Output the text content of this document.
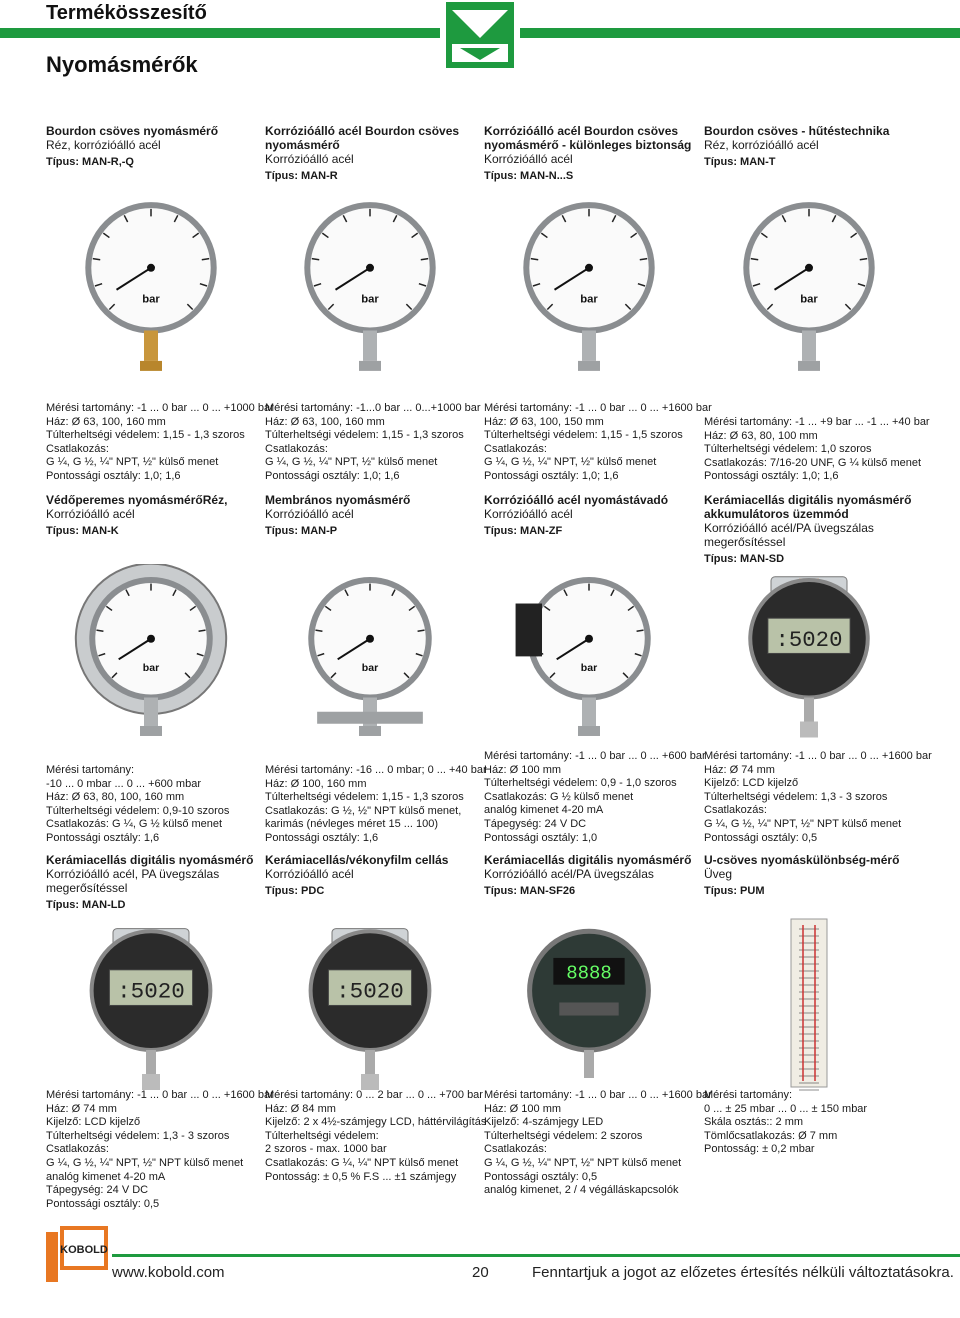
Termékösszesítő
Nyomásmérők
Bourdon csöves nyomásmérő
Réz, korrózióálló acél
Típus: MAN-R,-Q
bar
Mérési tartomány: -1 ... 0 bar ... 0 ... +1000 bar
Ház: Ø 63, 100, 160 mm
Túlterheltségi védelem: 1,15 - 1,3 szoros
Csatlakozás:
G ¼, G ½, ¼" NPT, ½" külső menet
Pontossági osztály: 1,0; 1,6
Korrózióálló acél Bourdon csöves
nyomásmérő
Korrózióálló acél
Típus: MAN-R
bar
Mérési tartomány: -1...0 bar ... 0...+1000 bar
Ház: Ø 63, 100, 160 mm
Túlterheltségi védelem: 1,15 - 1,3 szoros
Csatlakozás:
G ¼, G ½, ¼" NPT, ½" külső menet
Pontossági osztály: 1,0; 1,6
Korrózióálló acél Bourdon csöves
nyomásmérő - különleges biztonság
Korrózióálló acél
Típus: MAN-N...S
bar
Mérési tartomány: -1 ... 0 bar ... 0 ... +1600 bar
Ház: Ø 63, 100, 150 mm
Túlterheltségi védelem: 1,15 - 1,5 szoros
Csatlakozás:
G ¼, G ½, ¼" NPT, ½" külső menet
Pontossági osztály: 1,0; 1,6
Bourdon csöves - hűtéstechnika
Réz, korrózióálló acél
Típus: MAN-T
bar
Mérési tartomány: -1 ... +9 bar ... -1 ... +40 bar
Ház: Ø 63, 80, 100 mm
Túlterheltségi védelem: 1,0 szoros
Csatlakozás: 7/16-20 UNF, G ¼ külső menet
Pontossági osztály: 1,0; 1,6
Védőperemes nyomásmérőRéz,
Korrózióálló acél
Típus: MAN-K
bar
Mérési tartomány:
-10 ... 0 mbar ... 0 ... +600 mbar
Ház: Ø 63, 80, 100, 160 mm
Túlterheltségi védelem: 0,9-10 szoros
Csatlakozás: G ¼, G ½ külső menet
Pontossági osztály: 1,6
Membrános nyomásmérő
Korrózióálló acél
Típus: MAN-P
bar
Mérési tartomány: -16 ... 0 mbar; 0 ... +40 bar
Ház: Ø 100, 160 mm
Túlterheltségi védelem: 1,15 - 1,3 szoros
Csatlakozás: G ½, ½" NPT külső menet,
karimás (névleges méret 15 ... 100)
Pontossági osztály: 1,6
Korrózióálló acél nyomástávadó
Korrózióálló acél
Típus: MAN-ZF
bar
Mérési tartomány: -1 ... 0 bar ... 0 ... +600 bar
Ház: Ø 100 mm
Túlterheltségi védelem: 0,9 - 1,0 szoros
Csatlakozás: G ½ külső menet
analóg kimenet 4-20 mA
Tápegység: 24 V DC
Pontossági osztály: 1,0
Kerámiacellás digitális nyomásmérő
akkumulátoros üzemmód
Korrózióálló acél/PA üvegszálas
megerősítéssel
Típus: MAN-SD
:5020
Mérési tartomány: -1 ... 0 bar ... 0 ... +1600 bar
Ház: Ø 74 mm
Kijelző: LCD kijelző
Túlterheltségi védelem: 1,3 - 3 szoros
Csatlakozás:
G ¼, G ½, ¼" NPT, ½" NPT külső menet
Pontossági osztály: 0,5
Kerámiacellás digitális nyomásmérő
Korrózióálló acél, PA üvegszálas
megerősítéssel
Típus: MAN-LD
:5020
Mérési tartomány: -1 ... 0 bar ... 0 ... +1600 bar
Ház: Ø 74 mm
Kijelző: LCD kijelző
Túlterheltségi védelem: 1,3 - 3 szoros
Csatlakozás:
G ¼, G ½, ¼" NPT, ½" NPT külső menet
analóg kimenet 4-20 mA
Tápegység: 24 V DC
Pontossági osztály: 0,5
Kerámiacellás/vékonyfilm cellás
Korrózióálló acél
Típus: PDC
:5020
Mérési tartomány: 0 ... 2 bar ... 0 ... +700 bar
Ház: Ø 84 mm
Kijelző: 2 x 4½-számjegy LCD, háttérvilágítás
Túlterheltségi védelem:
2 szoros - max. 1000 bar
Csatlakozás: G ¼, ¼" NPT külső menet
Pontosság: ± 0,5 % F.S ... ±1 számjegy
Kerámiacellás digitális nyomásmérő
Korrózióálló acél/PA üvegszálas
Típus: MAN-SF26
8888
Mérési tartomány: -1 ... 0 bar ... 0 ... +1600 bar
Ház: Ø 100 mm
Kijelző: 4-számjegy LED
Túlterheltségi védelem: 2 szoros
Csatlakozás:
G ¼, G ½, ¼" NPT, ½" NPT külső menet
Pontossági osztály: 0,5
analóg kimenet, 2 / 4 végálláskapcsolók
U-csöves nyomáskülönbség-mérő
Üveg
Típus: PUM
Mérési tartomány:
0 ... ± 25 mbar ... 0 ... ± 150 mbar
Skála osztás:: 2 mm
Tömlőcsatlakozás: Ø 7 mm
Pontosság: ± 0,2 mbar
KOBOLD
www.kobold.com	20	Fenntartjuk a jogot az előzetes értesítés nélküli változtatásokra.
